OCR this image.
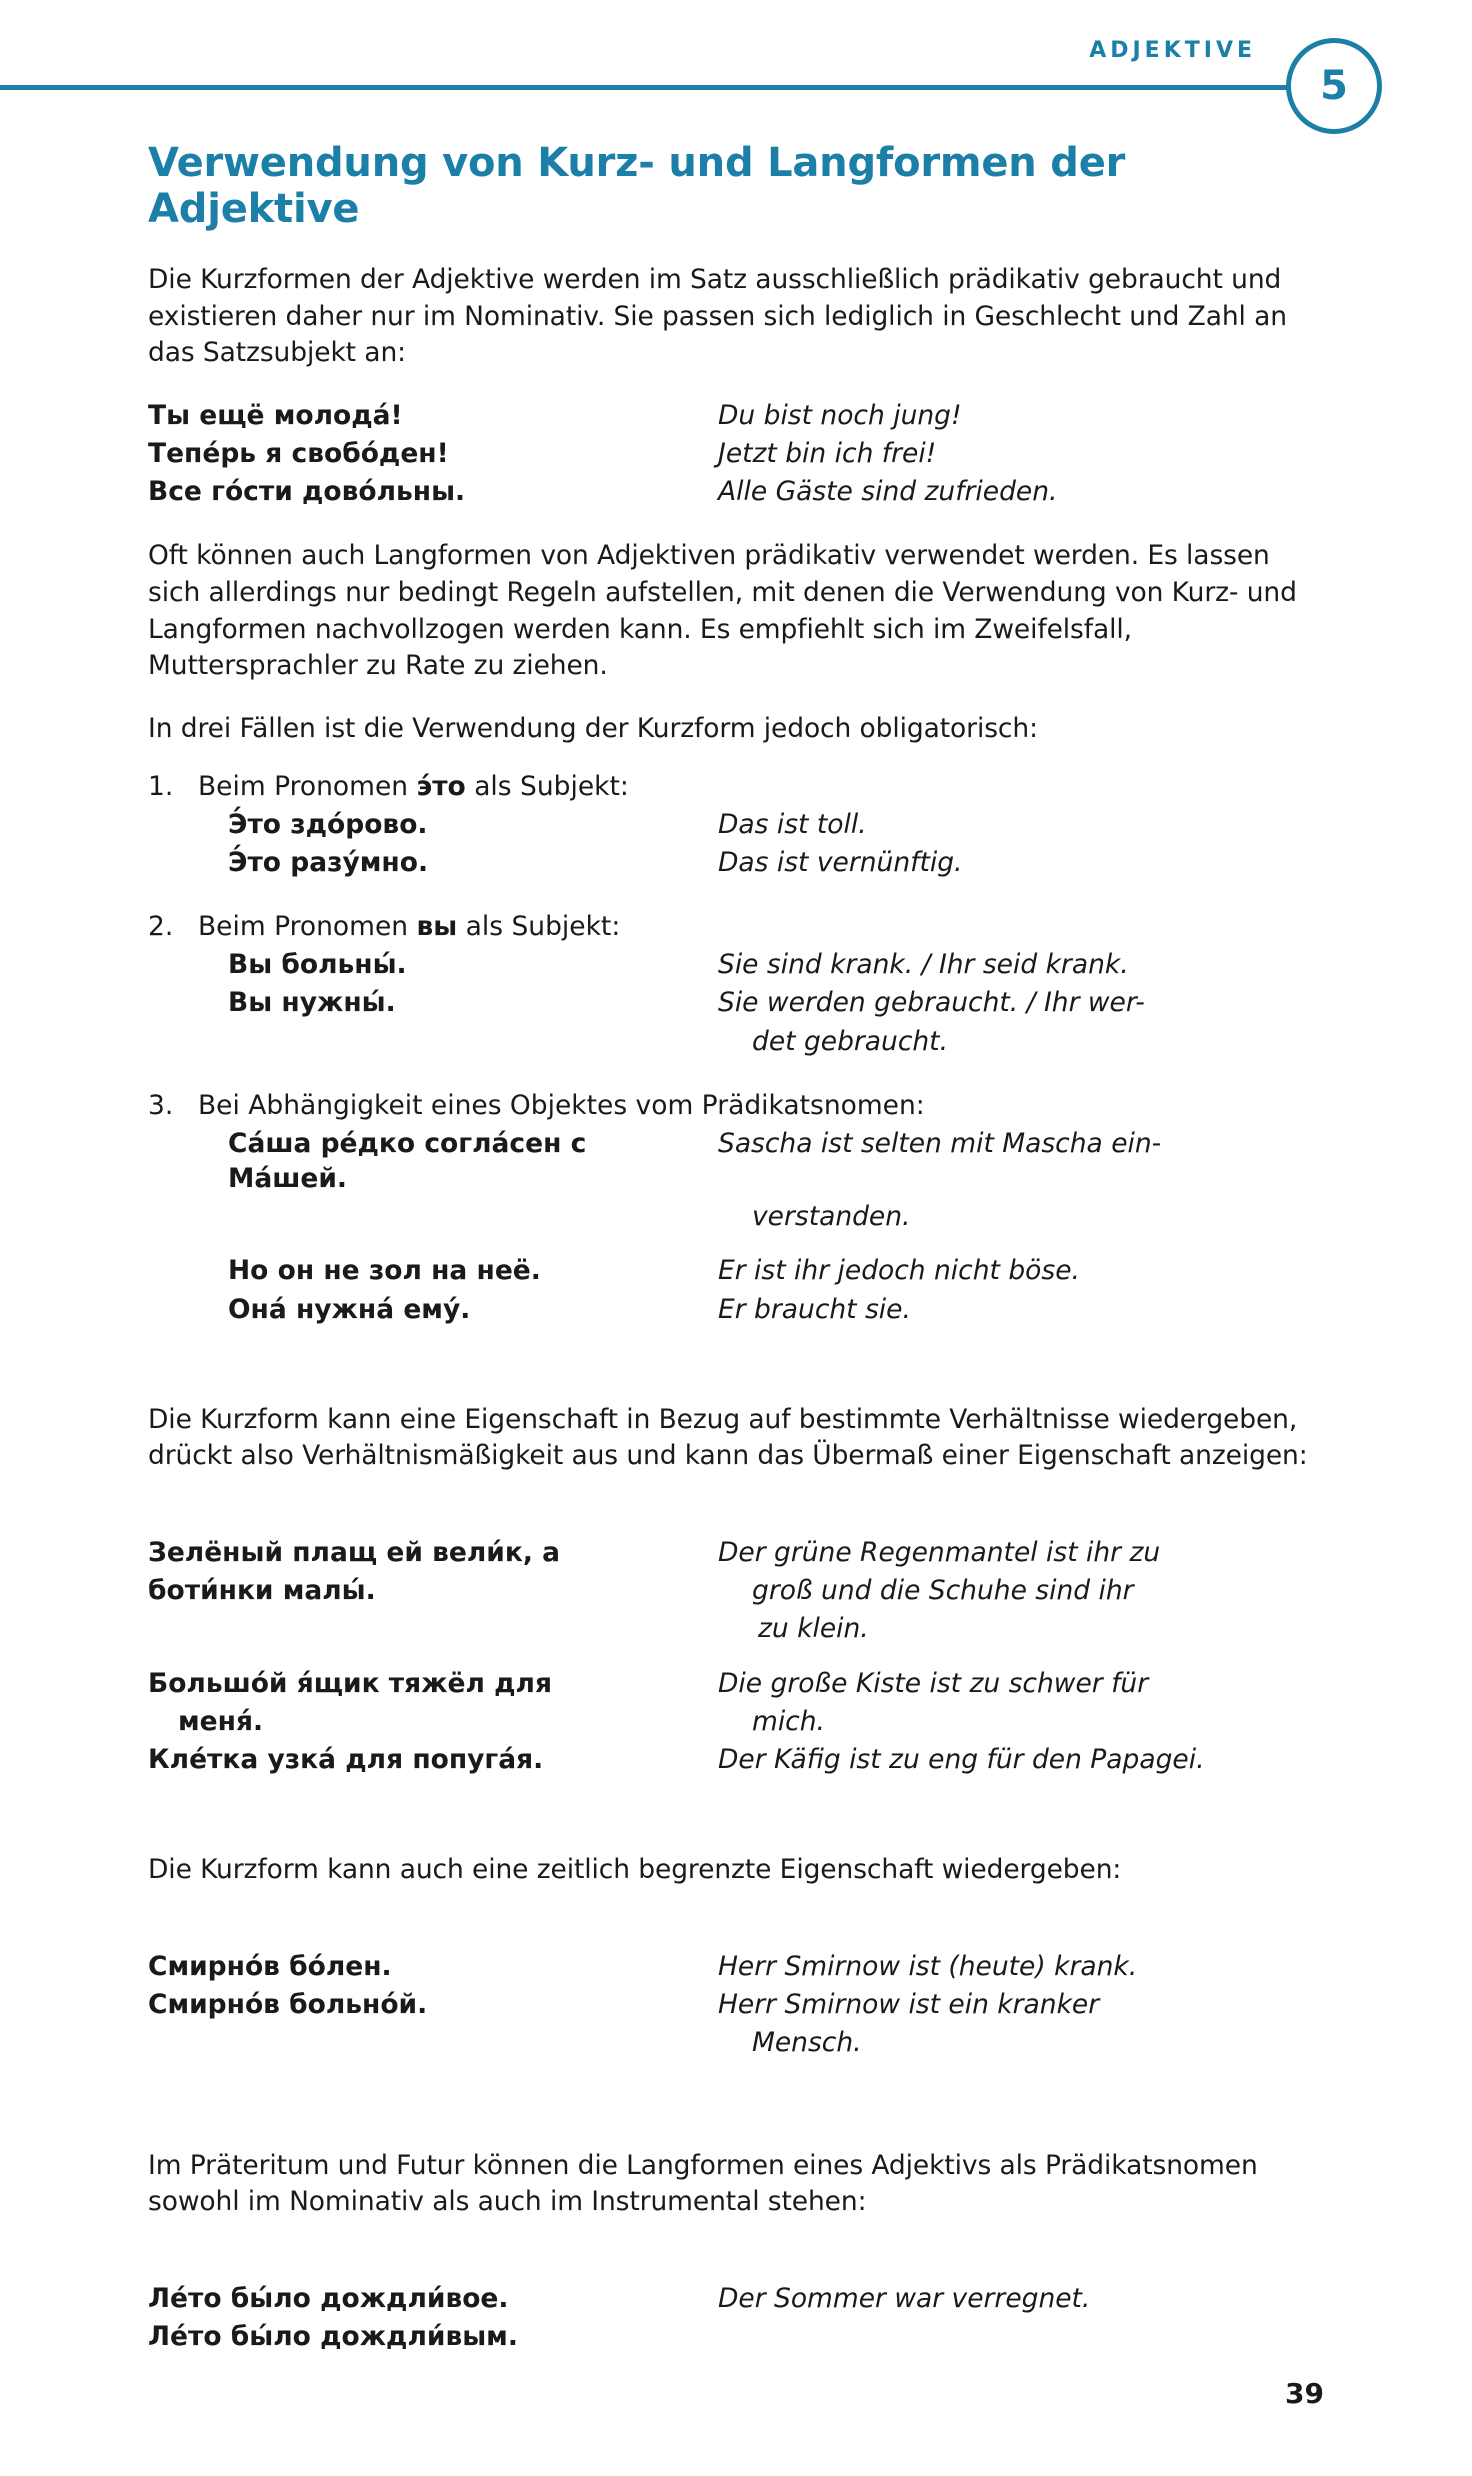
ADJEKTIVE
5
Verwendung von Kurz- und Langformen der Adjektive

Die Kurzformen der Adjektive werden im Satz ausschließlich prädikativ gebraucht und existieren daher nur im Nominativ. Sie passen sich lediglich in Geschlecht und Zahl an das Satzsubjekt an:

Ты ещё молода́!	Du bist noch jung!
Тепе́рь я свобо́ден!	Jetzt bin ich frei!
Все го́сти дово́льны.	Alle Gäste sind zufrieden.

Oft können auch Langformen von Adjektiven prädikativ verwendet werden. Es lassen sich allerdings nur bedingt Regeln aufstellen, mit denen die Verwendung von Kurz- und Langformen nachvollzogen werden kann. Es empfiehlt sich im Zweifelsfall, Muttersprachler zu Rate zu ziehen.

In drei Fällen ist die Verwendung der Kurzform jedoch obligatorisch:

1. Beim Pronomen э́то als Subjekt:
Э́то здо́рово.	Das ist toll.
Э́то разу́мно.	Das ist vernünftig.
2. Beim Pronomen вы als Subjekt:
Вы больны́.	Sie sind krank. / Ihr seid krank.
Вы нужны́.	Sie werden gebraucht. / Ihr wer-
	det gebraucht.
3. Bei Abhängigkeit eines Objektes vom Prädikatsnomen:
Са́ша ре́дко согла́сен с Ма́шей.	Sascha ist selten mit Mascha ein-
	verstanden.
Но он не зол на неё.	Er ist ihr jedoch nicht böse.
Она́ нужна́ ему́.	Er braucht sie.

Die Kurzform kann eine Eigenschaft in Bezug auf bestimmte Verhältnisse wiedergeben, drückt also Verhältnismäßigkeit aus und kann das Übermaß einer Eigenschaft anzeigen:

Зелёный плащ ей вели́к, а	Der grüne Regenmantel ist ihr zu
боти́нки малы́.	groß und die Schuhe sind ihr
	zu klein.
Большо́й я́щик тяжёл для	Die große Kiste ist zu schwer für
меня́.	mich.
Кле́тка узка́ для попуга́я.	Der Käfig ist zu eng für den Papagei.

Die Kurzform kann auch eine zeitlich begrenzte Eigenschaft wiedergeben:

Смирно́в бо́лен.	Herr Smirnow ist (heute) krank.
Смирно́в больно́й.	Herr Smirnow ist ein kranker
	Mensch.

Im Präteritum und Futur können die Langformen eines Adjektivs als Prädikatsnomen sowohl im Nominativ als auch im Instrumental stehen:

Ле́то бы́ло дождли́вое.	Der Sommer war verregnet.
Ле́то бы́ло дождли́вым.	
39
